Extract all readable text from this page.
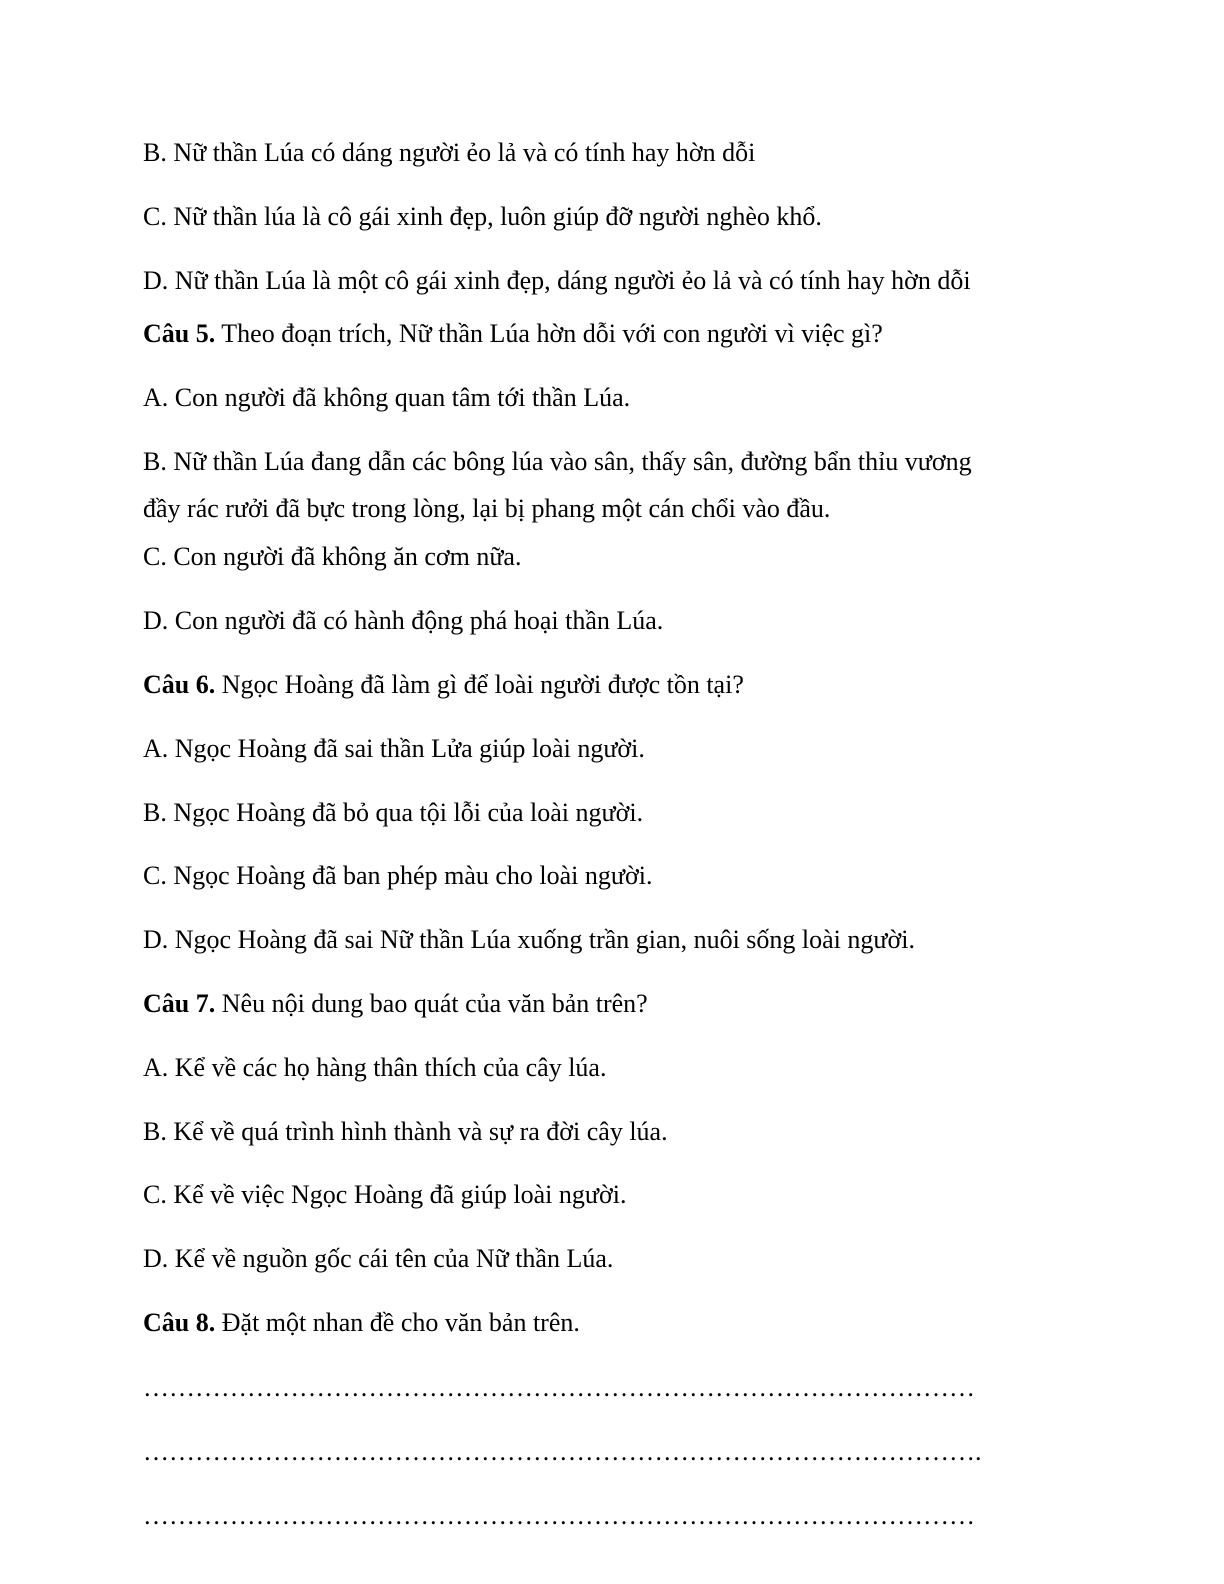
B. Nữ thần Lúa có dáng người ẻo lả và có tính hay hờn dỗi
C. Nữ thần lúa là cô gái xinh đẹp, luôn giúp đỡ người nghèo khổ.
D. Nữ thần Lúa là một cô gái xinh đẹp, dáng người ẻo lả và có tính hay hờn dỗi
Câu 5. Theo đoạn trích, Nữ thần Lúa hờn dỗi với con người vì việc gì?
A. Con người đã không quan tâm tới thần Lúa.
B. Nữ thần Lúa đang dẫn các bông lúa vào sân, thấy sân, đường bẩn thỉu vương
đầy rác rưởi đã bực trong lòng, lại bị phang một cán chổi vào đầu.
C. Con người đã không ăn cơm nữa.
D. Con người đã có hành động phá hoại thần Lúa.
Câu 6. Ngọc Hoàng đã làm gì để loài người được tồn tại?
A. Ngọc Hoàng đã sai thần Lửa giúp loài người.
B. Ngọc Hoàng đã bỏ qua tội lỗi của loài người.
C. Ngọc Hoàng đã ban phép màu cho loài người.
D. Ngọc Hoàng đã sai Nữ thần Lúa xuống trần gian, nuôi sống loài người.
Câu 7. Nêu nội dung bao quát của văn bản trên?
A. Kể về các họ hàng thân thích của cây lúa.
B. Kể về quá trình hình thành và sự ra đời cây lúa.
C. Kể về việc Ngọc Hoàng đã giúp loài người.
D. Kể về nguồn gốc cái tên của Nữ thần Lúa.
Câu 8. Đặt một nhan đề cho văn bản trên.
……………………………………………………………………………………
…………………………………………………………………………………….
……………………………………………………………………………………
